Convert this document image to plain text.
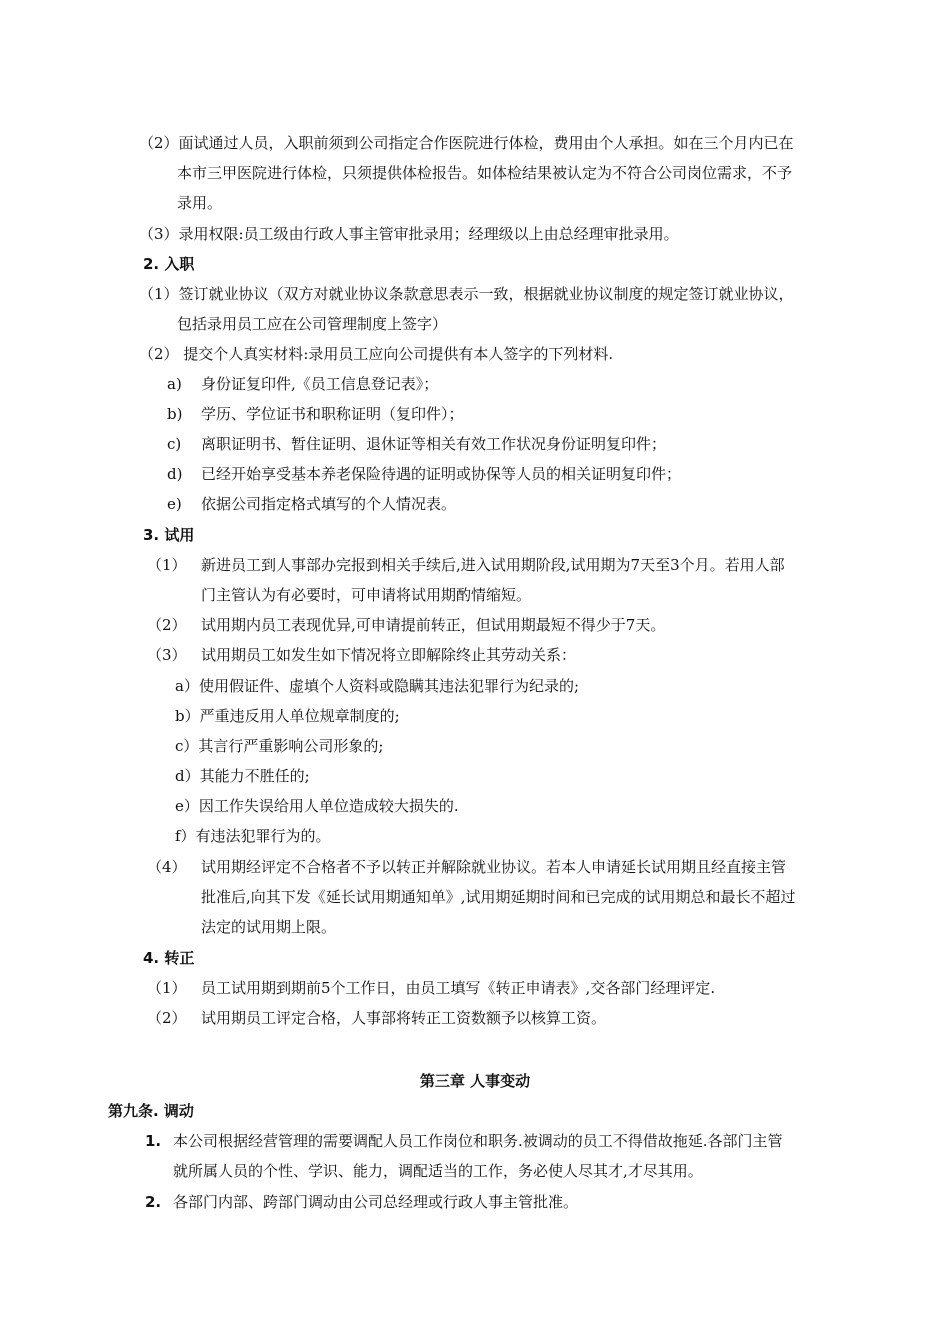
（2）面试通过人员，入职前须到公司指定合作医院进行体检，费用由个人承担。如在三个月内已在
本市三甲医院进行体检，只须提供体检报告。如体检结果被认定为不符合公司岗位需求，不予
录用。
（3）录用权限:员工级由行政人事主管审批录用；经理级以上由总经理审批录用。
2. 入职
（1）签订就业协议（双方对就业协议条款意思表示一致，根据就业协议制度的规定签订就业协议，
包括录用员工应在公司管理制度上签字）
（2） 提交个人真实材料:录用员工应向公司提供有本人签字的下列材料.
a) 身份证复印件,《员工信息登记表》；
b) 学历、学位证书和职称证明（复印件）；
c) 离职证明书、暂住证明、退休证等相关有效工作状况身份证明复印件；
d) 已经开始享受基本养老保险待遇的证明或协保等人员的相关证明复印件；
e) 依据公司指定格式填写的个人情况表。
3. 试用
（1） 新进员工到人事部办完报到相关手续后,进入试用期阶段,试用期为7天至3个月。若用人部
门主管认为有必要时，可申请将试用期酌情缩短。
（2） 试用期内员工表现优异,可申请提前转正，但试用期最短不得少于7天。
（3） 试用期员工如发生如下情况将立即解除终止其劳动关系：
a）使用假证件、虚填个人资料或隐瞒其违法犯罪行为纪录的;
b）严重违反用人单位规章制度的;
c）其言行严重影响公司形象的;
d）其能力不胜任的;
e）因工作失误给用人单位造成较大损失的.
f）有违法犯罪行为的。
（4） 试用期经评定不合格者不予以转正并解除就业协议。若本人申请延长试用期且经直接主管
批准后,向其下发《延长试用期通知单》,试用期延期时间和已完成的试用期总和最长不超过
法定的试用期上限。
4. 转正
（1） 员工试用期到期前5个工作日，由员工填写《转正申请表》,交各部门经理评定.
（2） 试用期员工评定合格，人事部将转正工资数额予以核算工资。
第三章 人事变动
第九条. 调动
1. 本公司根据经营管理的需要调配人员工作岗位和职务.被调动的员工不得借故拖延.各部门主管
就所属人员的个性、学识、能力，调配适当的工作，务必使人尽其才,才尽其用。
2. 各部门内部、跨部门调动由公司总经理或行政人事主管批准。
